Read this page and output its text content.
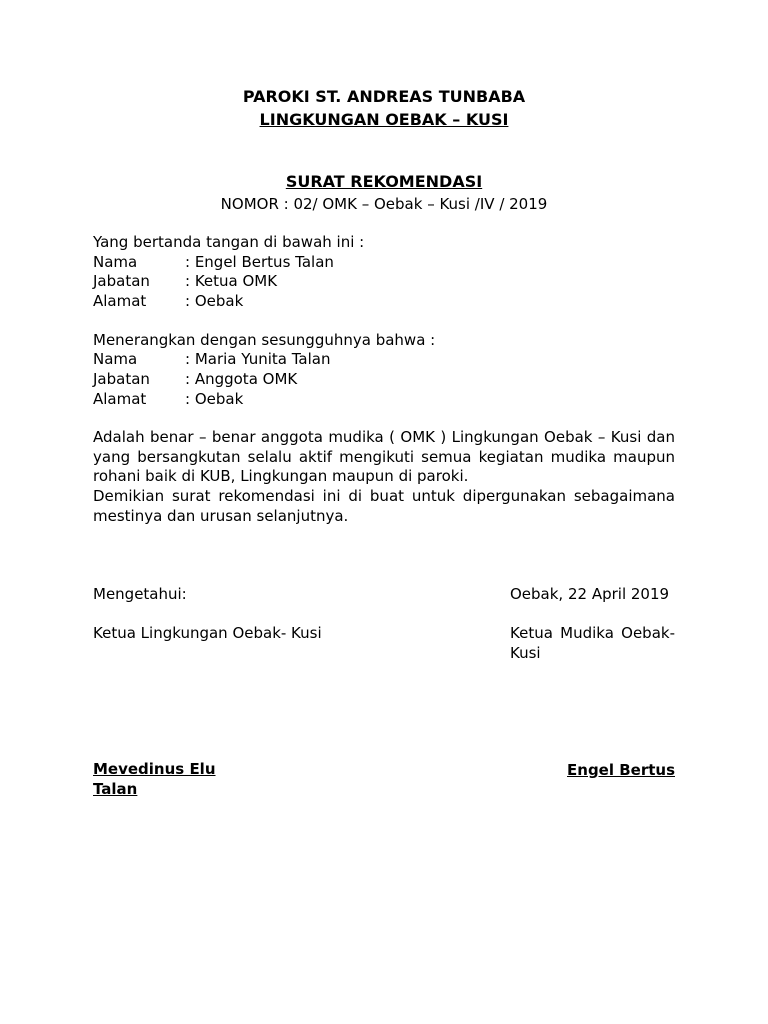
PAROKI ST. ANDREAS TUNBABA
LINGKUNGAN OEBAK – KUSI
SURAT REKOMENDASI
NOMOR : 02/ OMK – Oebak – Kusi /IV / 2019
Yang bertanda tangan di bawah ini :
Nama	: Engel Bertus Talan
Jabatan : Ketua OMK
Alamat	: Oebak
Menerangkan dengan sesungguhnya bahwa :
Nama	: Maria Yunita Talan
Jabatan : Anggota OMK
Alamat	: Oebak
Adalah benar – benar anggota mudika ( OMK ) Lingkungan Oebak – Kusi dan yang bersangkutan selalu aktif mengikuti semua kegiatan mudika maupun rohani baik di KUB, Lingkungan maupun di paroki.
Demikian surat rekomendasi ini di buat untuk dipergunakan sebagaimana mestinya dan urusan selanjutnya.
Mengetahui:
Ketua Lingkungan Oebak- Kusi
Mevedinus Elu Talan
Oebak, 22 April 2019
Ketua Mudika Oebak-Kusi
Engel Bertus
